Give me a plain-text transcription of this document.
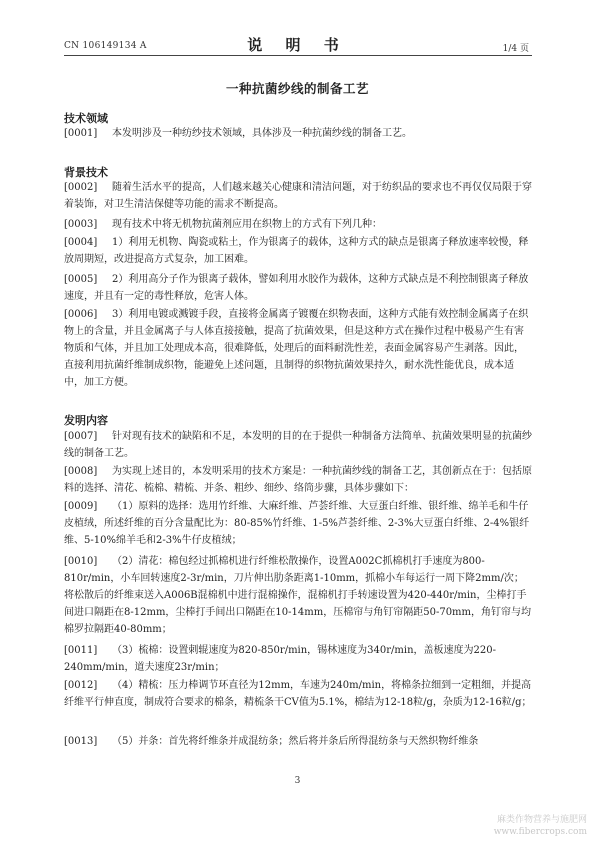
CN 106149134 A	说 明 书	1/4 页
一种抗菌纱线的制备工艺
技术领域

[0001] 本发明涉及一种纺纱技术领域，具体涉及一种抗菌纱线的制备工艺。

背景技术

[0002] 随着生活水平的提高，人们越来越关心健康和清洁问题，对于纺织品的要求也不再仅仅局限于穿着装饰，对卫生清洁保健等功能的需求不断提高。

[0003] 现有技术中将无机物抗菌剂应用在织物上的方式有下列几种：

[0004] 1）利用无机物、陶瓷或粘土，作为银离子的载体，这种方式的缺点是银离子释放速率较慢，释放周期短，改进提高方式复杂，加工困难。

[0005] 2）利用高分子作为银离子载体，譬如利用水胶作为载体，这种方式缺点是不利控制银离子释放速度，并且有一定的毒性释放，危害人体。

[0006] 3）利用电镀或溅镀手段，直接将金属离子镀覆在织物表面，这种方式能有效控制金属离子在织物上的含量，并且金属离子与人体直接接触，提高了抗菌效果，但是这种方式在操作过程中极易产生有害物质和气体，并且加工处理成本高，很难降低，处理后的面料耐洗性差，表面金属容易产生剥落。因此，直接利用抗菌纤维制成织物，能避免上述问题，且制得的织物抗菌效果持久，耐水洗性能优良，成本适中，加工方便。

发明内容

[0007] 针对现有技术的缺陷和不足，本发明的目的在于提供一种制备方法简单、抗菌效果明显的抗菌纱线的制备工艺。

[0008] 为实现上述目的，本发明采用的技术方案是：一种抗菌纱线的制备工艺，其创新点在于：包括原料的选择、清花、梳棉、精梳、并条、粗纱、细纱、络筒步骤，具体步骤如下：

[0009] （1）原料的选择：选用竹纤维、大麻纤维、芦荟纤维、大豆蛋白纤维、银纤维、绵羊毛和牛仔皮植绒，所述纤维的百分含量配比为：80-85%竹纤维、1-5%芦荟纤维、2-3%大豆蛋白纤维、2-4%银纤维、5-10%绵羊毛和2-3%牛仔皮植绒；

[0010] （2）清花：棉包经过抓棉机进行纤维松散操作，设置A002C抓棉机打手速度为800-810r/min，小车回转速度2-3r/min，刀片伸出肋条距离1-10mm，抓棉小车每运行一周下降2mm/次；将松散后的纤维束送入A006B混棉机中进行混棉操作，混棉机打手转速设置为420-440r/min，尘棒打手间进口隔距在8-12mm，尘棒打手间出口隔距在10-14mm，压棉帘与角钉帘隔距50-70mm，角钉帘与均棉罗拉隔距40-80mm；

[0011] （3）梳棉：设置刺辊速度为820-850r/min，锡林速度为340r/min，盖板速度为220-240mm/min，道夫速度23r/min；

[0012] （4）精梳：压力棒调节环直径为12mm，车速为240m/min，将棉条拉细到一定粗细，并提高纤维平行伸直度，制成符合要求的棉条，精梳条干CV值为5.1%，棉结为12-18粒/g，杂质为12-16粒/g；

[0013] （5）并条：首先将纤维条并成混纺条；然后将并条后所得混纺条与天然织物纤维条

3
麻类作物营养与施肥网
www.fibercrops.com
